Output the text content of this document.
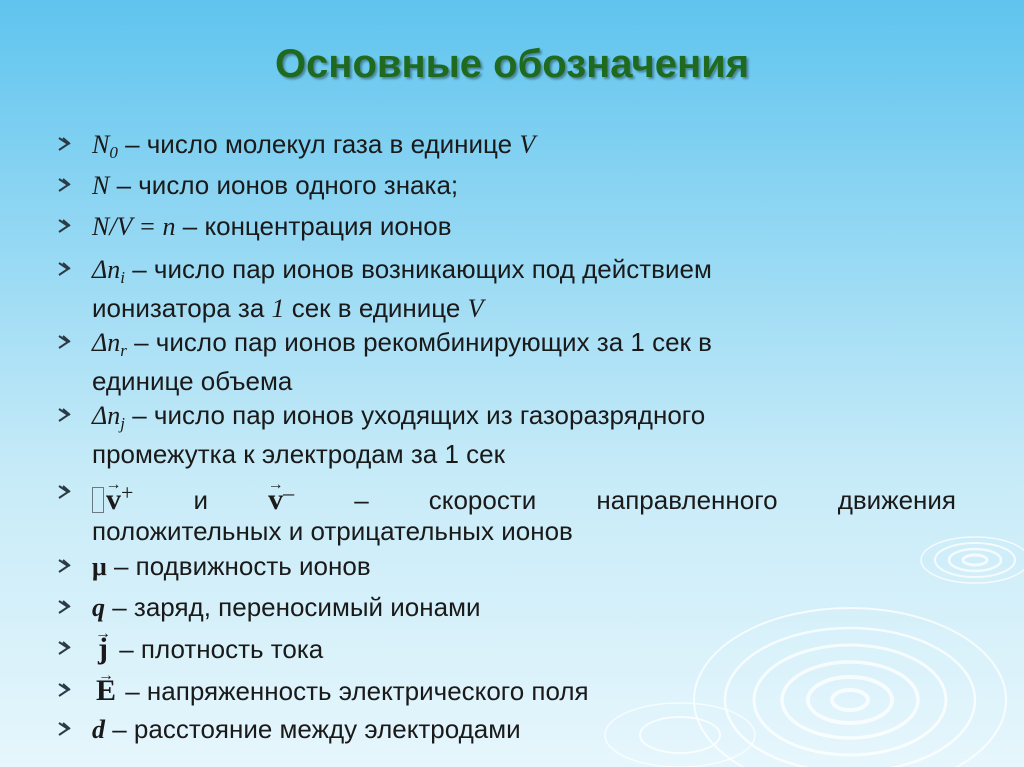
Основные обозначения
$N_0$ – число молекул газа в единице V
N – число ионов одного знака;
N/V = n – концентрация ионов
$\Delta n_i$ – число пар ионов возникающих под действием
ионизатора за 1 сек в единице V
$\Delta n_r$ – число пар ионов рекомбинирующих за 1 сек в
единице объема
$\Delta n_j$ – число пар ионов уходящих из газоразрядного
промежутка к электродам за 1 сек
→ v+ и → v– – скорости направленного движения
положительных и отрицательных ионов
μ – подвижность ионов
q – заряд, переносимый ионами
→ j – плотность тока
→ E – напряженность электрического поля
d – расстояние между электродами
